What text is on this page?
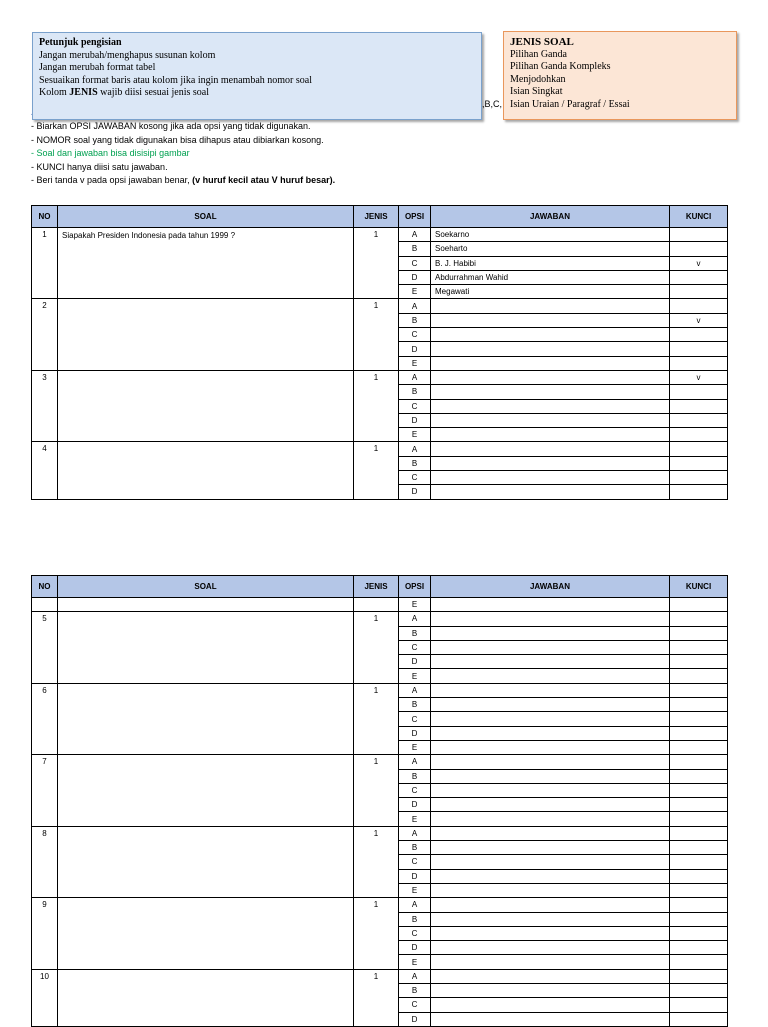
- Biarkan OPSI JAWABAN kosong jika ada opsi yang tidak digunakan.
- NOMOR soal yang tidak digunakan bisa dihapus atau dibiarkan kosong.
- Soal dan jawaban bisa disisipi gambar
- KUNCI hanya diisi satu jawaban.
- Beri tanda v pada opsi jawaban benar, (v huruf kecil atau V huruf besar).
,B,C,
Petunjuk pengisian
Jangan merubah/menghapus susunan kolom
Jangan merubah format tabel
Sesuaikan format baris atau kolom jika ingin menambah nomor soal
Kolom JENIS wajib diisi sesuai jenis soal
JENIS SOAL
Pilihan Ganda
Pilihan Ganda Kompleks
Menjodohkan
Isian Singkat
Isian Uraian / Paragraf / Essai
NO	SOAL	JENIS	OPSI	JAWABAN	KUNCI
1	Siapakah Presiden Indonesia pada tahun 1999 ?	1	A	Soekarno	
			B	Soeharto	
			C	B. J. Habibi	v
			D	Abdurrahman Wahid	
			E	Megawati	
2		1	A		
			B		v
			C		
			D		
			E		
3		1	A		v
			B		
			C		
			D		
			E		
4		1	A		
			B		
			C		
			D		
NO	SOAL	JENIS	OPSI	JAWABAN	KUNCI
			E		
5		1	A		
			B		
			C		
			D		
			E		
6		1	A		
			B		
			C		
			D		
			E		
7		1	A		
			B		
			C		
			D		
			E		
8		1	A		
			B		
			C		
			D		
			E		
9		1	A		
			B		
			C		
			D		
			E		
10		1	A		
			B		
			C		
			D		
